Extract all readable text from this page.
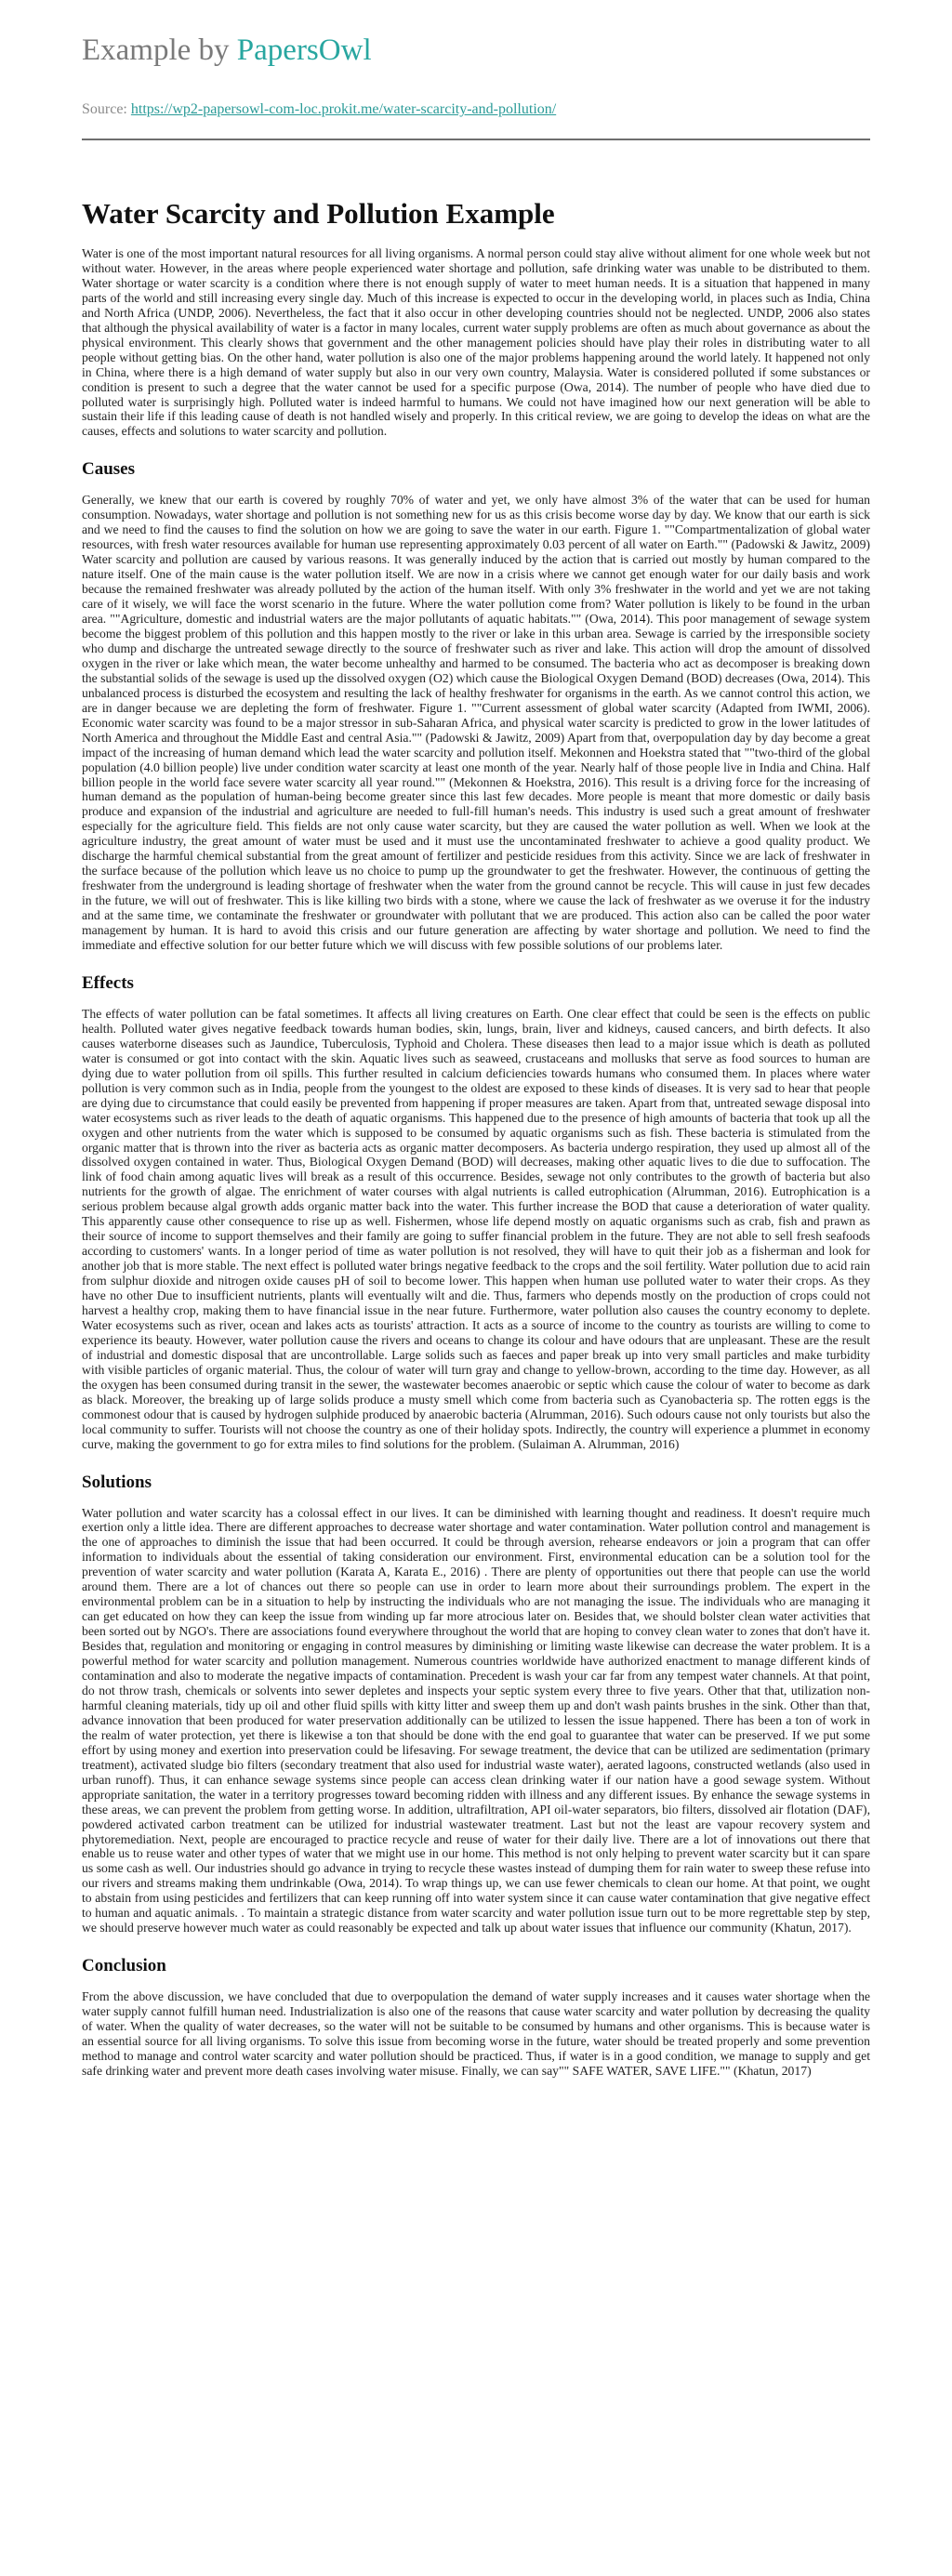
Example by PapersOwl
Source: https://wp2-papersowl-com-loc.prokit.me/water-scarcity-and-pollution/
Water Scarcity and Pollution Example

Water is one of the most important natural resources for all living organisms. A normal person could stay alive without aliment for one whole week but not without water. However, in the areas where people experienced water shortage and pollution, safe drinking water was unable to be distributed to them. Water shortage or water scarcity is a condition where there is not enough supply of water to meet human needs. It is a situation that happened in many parts of the world and still increasing every single day. Much of this increase is expected to occur in the developing world, in places such as India, China and North Africa (UNDP, 2006). Nevertheless, the fact that it also occur in other developing countries should not be neglected. UNDP, 2006 also states that although the physical availability of water is a factor in many locales, current water supply problems are often as much about governance as about the physical environment. This clearly shows that government and the other management policies should have play their roles in distributing water to all people without getting bias. On the other hand, water pollution is also one of the major problems happening around the world lately. It happened not only in China, where there is a high demand of water supply but also in our very own country, Malaysia. Water is considered polluted if some substances or condition is present to such a degree that the water cannot be used for a specific purpose (Owa, 2014). The number of people who have died due to polluted water is surprisingly high. Polluted water is indeed harmful to humans. We could not have imagined how our next generation will be able to sustain their life if this leading cause of death is not handled wisely and properly. In this critical review, we are going to develop the ideas on what are the causes, effects and solutions to water scarcity and pollution.

Causes

Generally, we knew that our earth is covered by roughly 70% of water and yet, we only have almost 3% of the water that can be used for human consumption. Nowadays, water shortage and pollution is not something new for us as this crisis become worse day by day. We know that our earth is sick and we need to find the causes to find the solution on how we are going to save the water in our earth. Figure 1. ""Compartmentalization of global water resources, with fresh water resources available for human use representing approximately 0.03 percent of all water on Earth."" (Padowski & Jawitz, 2009) Water scarcity and pollution are caused by various reasons. It was generally induced by the action that is carried out mostly by human compared to the nature itself. One of the main cause is the water pollution itself. We are now in a crisis where we cannot get enough water for our daily basis and work because the remained freshwater was already polluted by the action of the human itself. With only 3% freshwater in the world and yet we are not taking care of it wisely, we will face the worst scenario in the future. Where the water pollution come from? Water pollution is likely to be found in the urban area. ""Agriculture, domestic and industrial waters are the major pollutants of aquatic habitats."" (Owa, 2014). This poor management of sewage system become the biggest problem of this pollution and this happen mostly to the river or lake in this urban area. Sewage is carried by the irresponsible society who dump and discharge the untreated sewage directly to the source of freshwater such as river and lake. This action will drop the amount of dissolved oxygen in the river or lake which mean, the water become unhealthy and harmed to be consumed. The bacteria who act as decomposer is breaking down the substantial solids of the sewage is used up the dissolved oxygen (O2) which cause the Biological Oxygen Demand (BOD) decreases (Owa, 2014). This unbalanced process is disturbed the ecosystem and resulting the lack of healthy freshwater for organisms in the earth. As we cannot control this action, we are in danger because we are depleting the form of freshwater. Figure 1. ""Current assessment of global water scarcity (Adapted from IWMI, 2006). Economic water scarcity was found to be a major stressor in sub-Saharan Africa, and physical water scarcity is predicted to grow in the lower latitudes of North America and throughout the Middle East and central Asia."" (Padowski & Jawitz, 2009) Apart from that, overpopulation day by day become a great impact of the increasing of human demand which lead the water scarcity and pollution itself. Mekonnen and Hoekstra stated that ""two-third of the global population (4.0 billion people) live under condition water scarcity at least one month of the year. Nearly half of those people live in India and China. Half billion people in the world face severe water scarcity all year round."" (Mekonnen & Hoekstra, 2016). This result is a driving force for the increasing of human demand as the population of human-being become greater since this last few decades. More people is meant that more domestic or daily basis produce and expansion of the industrial and agriculture are needed to full-fill human's needs. This industry is used such a great amount of freshwater especially for the agriculture field. This fields are not only cause water scarcity, but they are caused the water pollution as well. When we look at the agriculture industry, the great amount of water must be used and it must use the uncontaminated freshwater to achieve a good quality product. We discharge the harmful chemical substantial from the great amount of fertilizer and pesticide residues from this activity. Since we are lack of freshwater in the surface because of the pollution which leave us no choice to pump up the groundwater to get the freshwater. However, the continuous of getting the freshwater from the underground is leading shortage of freshwater when the water from the ground cannot be recycle. This will cause in just few decades in the future, we will out of freshwater. This is like killing two birds with a stone, where we cause the lack of freshwater as we overuse it for the industry and at the same time, we contaminate the freshwater or groundwater with pollutant that we are produced. This action also can be called the poor water management by human. It is hard to avoid this crisis and our future generation are affecting by water shortage and pollution. We need to find the immediate and effective solution for our better future which we will discuss with few possible solutions of our problems later.

Effects

The effects of water pollution can be fatal sometimes. It affects all living creatures on Earth. One clear effect that could be seen is the effects on public health. Polluted water gives negative feedback towards human bodies, skin, lungs, brain, liver and kidneys, caused cancers, and birth defects. It also causes waterborne diseases such as Jaundice, Tuberculosis, Typhoid and Cholera. These diseases then lead to a major issue which is death as polluted water is consumed or got into contact with the skin. Aquatic lives such as seaweed, crustaceans and mollusks that serve as food sources to human are dying due to water pollution from oil spills. This further resulted in calcium deficiencies towards humans who consumed them. In places where water pollution is very common such as in India, people from the youngest to the oldest are exposed to these kinds of diseases. It is very sad to hear that people are dying due to circumstance that could easily be prevented from happening if proper measures are taken. Apart from that, untreated sewage disposal into water ecosystems such as river leads to the death of aquatic organisms. This happened due to the presence of high amounts of bacteria that took up all the oxygen and other nutrients from the water which is supposed to be consumed by aquatic organisms such as fish. These bacteria is stimulated from the organic matter that is thrown into the river as bacteria acts as organic matter decomposers. As bacteria undergo respiration, they used up almost all of the dissolved oxygen contained in water. Thus, Biological Oxygen Demand (BOD) will decreases, making other aquatic lives to die due to suffocation. The link of food chain among aquatic lives will break as a result of this occurrence. Besides, sewage not only contributes to the growth of bacteria but also nutrients for the growth of algae. The enrichment of water courses with algal nutrients is called eutrophication (Alrumman, 2016). Eutrophication is a serious problem because algal growth adds organic matter back into the water. This further increase the BOD that cause a deterioration of water quality. This apparently cause other consequence to rise up as well. Fishermen, whose life depend mostly on aquatic organisms such as crab, fish and prawn as their source of income to support themselves and their family are going to suffer financial problem in the future. They are not able to sell fresh seafoods according to customers' wants. In a longer period of time as water pollution is not resolved, they will have to quit their job as a fisherman and look for another job that is more stable. The next effect is polluted water brings negative feedback to the crops and the soil fertility. Water pollution due to acid rain from sulphur dioxide and nitrogen oxide causes pH of soil to become lower. This happen when human use polluted water to water their crops. As they have no other Due to insufficient nutrients, plants will eventually wilt and die. Thus, farmers who depends mostly on the production of crops could not harvest a healthy crop, making them to have financial issue in the near future. Furthermore, water pollution also causes the country economy to deplete. Water ecosystems such as river, ocean and lakes acts as tourists' attraction. It acts as a source of income to the country as tourists are willing to come to experience its beauty. However, water pollution cause the rivers and oceans to change its colour and have odours that are unpleasant. These are the result of industrial and domestic disposal that are uncontrollable. Large solids such as faeces and paper break up into very small particles and make turbidity with visible particles of organic material. Thus, the colour of water will turn gray and change to yellow-brown, according to the time day. However, as all the oxygen has been consumed during transit in the sewer, the wastewater becomes anaerobic or septic which cause the colour of water to become as dark as black. Moreover, the breaking up of large solids produce a musty smell which come from bacteria such as Cyanobacteria sp. The rotten eggs is the commonest odour that is caused by hydrogen sulphide produced by anaerobic bacteria (Alrumman, 2016). Such odours cause not only tourists but also the local community to suffer. Tourists will not choose the country as one of their holiday spots. Indirectly, the country will experience a plummet in economy curve, making the government to go for extra miles to find solutions for the problem. (Sulaiman A. Alrumman, 2016)

Solutions

Water pollution and water scarcity has a colossal effect in our lives. It can be diminished with learning thought and readiness. It doesn't require much exertion only a little idea. There are different approaches to decrease water shortage and water contamination. Water pollution control and management is the one of approaches to diminish the issue that had been occurred. It could be through aversion, rehearse endeavors or join a program that can offer information to individuals about the essential of taking consideration our environment. First, environmental education can be a solution tool for the prevention of water scarcity and water pollution (Karata A, Karata E., 2016) . There are plenty of opportunities out there that people can use the world around them. There are a lot of chances out there so people can use in order to learn more about their surroundings problem. The expert in the environmental problem can be in a situation to help by instructing the individuals who are not managing the issue. The individuals who are managing it can get educated on how they can keep the issue from winding up far more atrocious later on. Besides that, we should bolster clean water activities that been sorted out by NGO's. There are associations found everywhere throughout the world that are hoping to convey clean water to zones that don't have it. Besides that, regulation and monitoring or engaging in control measures by diminishing or limiting waste likewise can decrease the water problem. It is a powerful method for water scarcity and pollution management. Numerous countries worldwide have authorized enactment to manage different kinds of contamination and also to moderate the negative impacts of contamination. Precedent is wash your car far from any tempest water channels. At that point, do not throw trash, chemicals or solvents into sewer depletes and inspects your septic system every three to five years. Other that that, utilization non-harmful cleaning materials, tidy up oil and other fluid spills with kitty litter and sweep them up and don't wash paints brushes in the sink. Other than that, advance innovation that been produced for water preservation additionally can be utilized to lessen the issue happened. There has been a ton of work in the realm of water protection, yet there is likewise a ton that should be done with the end goal to guarantee that water can be preserved. If we put some effort by using money and exertion into preservation could be lifesaving. For sewage treatment, the device that can be utilized are sedimentation (primary treatment), activated sludge bio filters (secondary treatment that also used for industrial waste water), aerated lagoons, constructed wetlands (also used in urban runoff). Thus, it can enhance sewage systems since people can access clean drinking water if our nation have a good sewage system. Without appropriate sanitation, the water in a territory progresses toward becoming ridden with illness and any different issues. By enhance the sewage systems in these areas, we can prevent the problem from getting worse. In addition, ultrafiltration, API oil-water separators, bio filters, dissolved air flotation (DAF), powdered activated carbon treatment can be utilized for industrial wastewater treatment. Last but not the least are vapour recovery system and phytoremediation. Next, people are encouraged to practice recycle and reuse of water for their daily live. There are a lot of innovations out there that enable us to reuse water and other types of water that we might use in our home. This method is not only helping to prevent water scarcity but it can spare us some cash as well. Our industries should go advance in trying to recycle these wastes instead of dumping them for rain water to sweep these refuse into our rivers and streams making them undrinkable (Owa, 2014). To wrap things up, we can use fewer chemicals to clean our home. At that point, we ought to abstain from using pesticides and fertilizers that can keep running off into water system since it can cause water contamination that give negative effect to human and aquatic animals. . To maintain a strategic distance from water scarcity and water pollution issue turn out to be more regrettable step by step, we should preserve however much water as could reasonably be expected and talk up about water issues that influence our community (Khatun, 2017).

Conclusion

From the above discussion, we have concluded that due to overpopulation the demand of water supply increases and it causes water shortage when the water supply cannot fulfill human need. Industrialization is also one of the reasons that cause water scarcity and water pollution by decreasing the quality of water. When the quality of water decreases, so the water will not be suitable to be consumed by humans and other organisms. This is because water is an essential source for all living organisms. To solve this issue from becoming worse in the future, water should be treated properly and some prevention method to manage and control water scarcity and water pollution should be practiced. Thus, if water is in a good condition, we manage to supply and get safe drinking water and prevent more death cases involving water misuse. Finally, we can say"" SAFE WATER, SAVE LIFE."" (Khatun, 2017)
